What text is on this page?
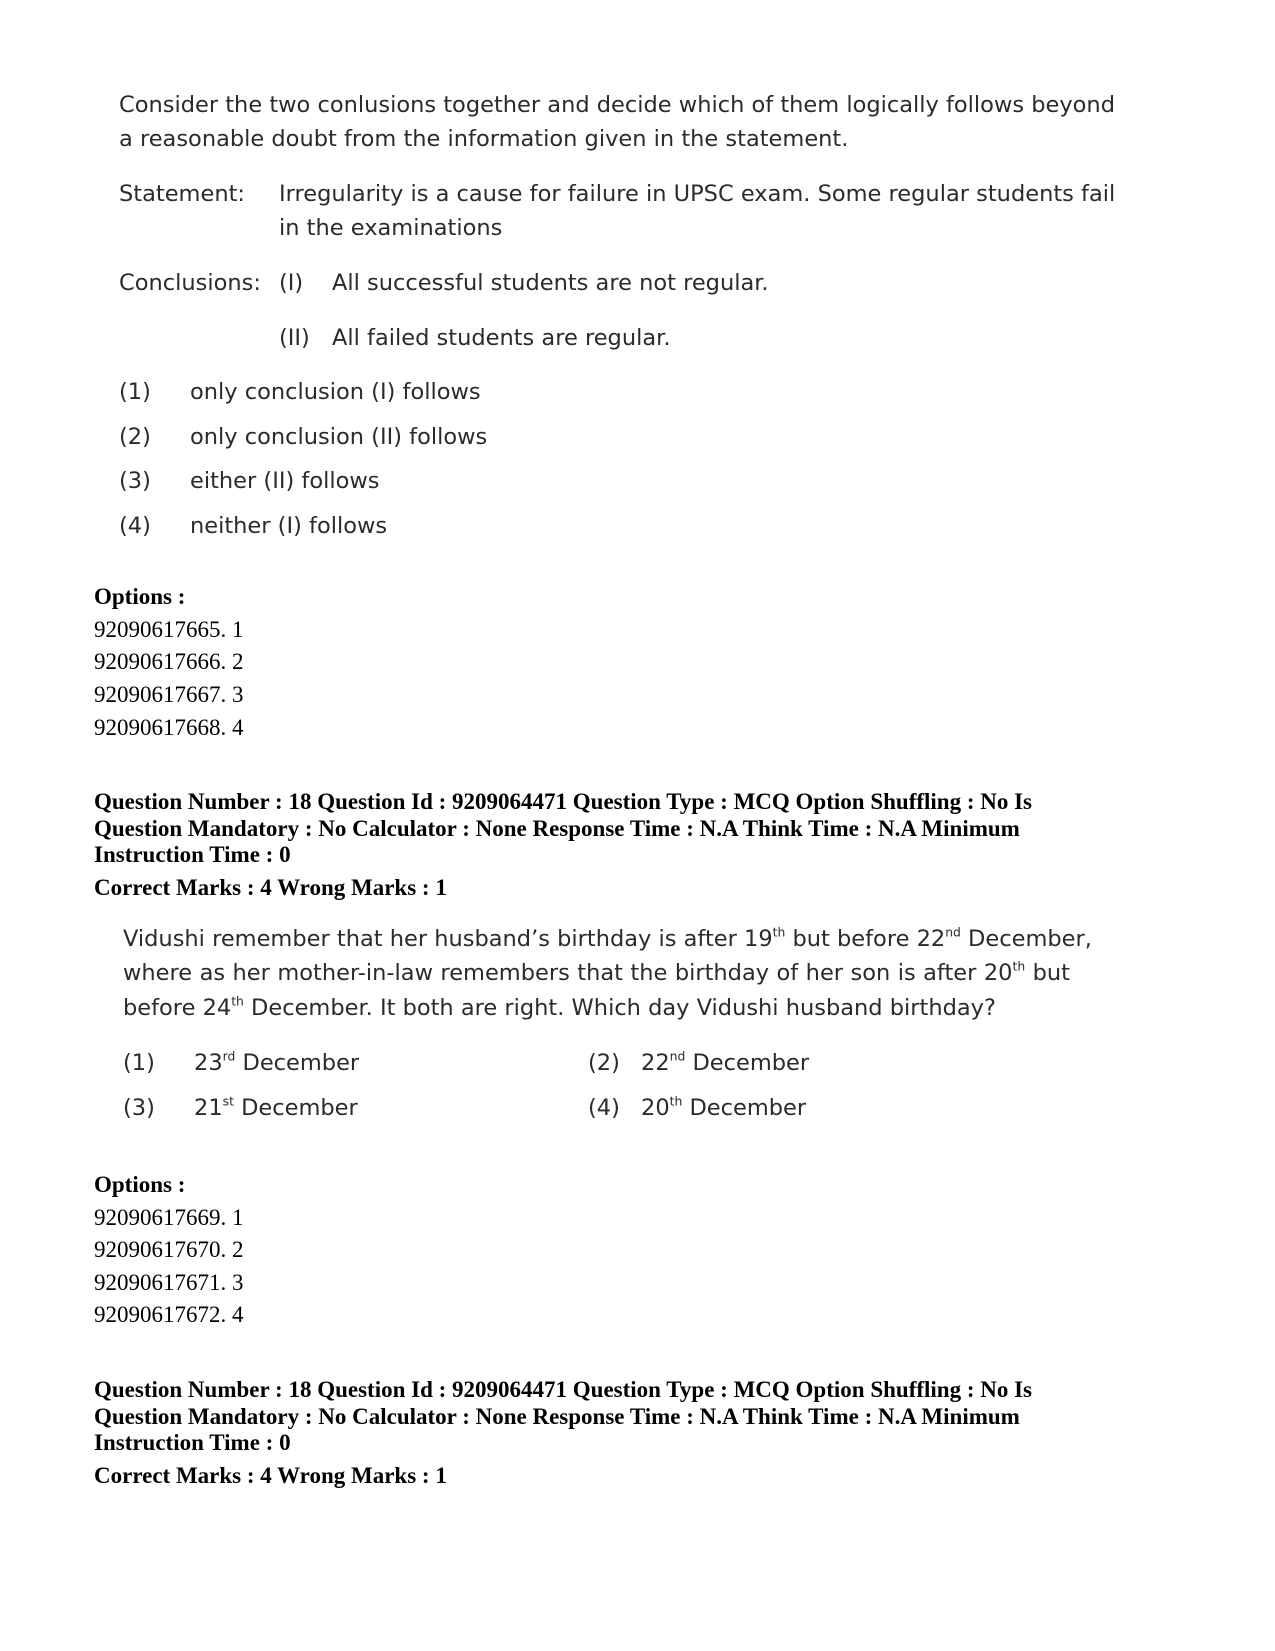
Consider the two conlusions together and decide which of them logically follows beyond
a reasonable doubt from the information given in the statement.
Statement: Irregularity is a cause for failure in UPSC exam. Some regular students fail
in the examinations
Conclusions: (I) All successful students are not regular.
(II) All failed students are regular.
(1) only conclusion (I) follows
(2) only conclusion (II) follows
(3) either (II) follows
(4) neither (I) follows
Options :
92090617665. 1
92090617666. 2
92090617667. 3
92090617668. 4
Question Number : 18 Question Id : 9209064471 Question Type : MCQ Option Shuffling : No Is
Question Mandatory : No Calculator : None Response Time : N.A Think Time : N.A Minimum
Instruction Time : 0
Correct Marks : 4 Wrong Marks : 1
Vidushi remember that her husband’s birthday is after 19th but before 22nd December,
where as her mother-in-law remembers that the birthday of her son is after 20th but
before 24th December. It both are right. Which day Vidushi husband birthday?
(1) 23rd December	(2) 22nd December
(3) 21st December	(4) 20th December
Options :
92090617669. 1
92090617670. 2
92090617671. 3
92090617672. 4
Question Number : 18 Question Id : 9209064471 Question Type : MCQ Option Shuffling : No Is
Question Mandatory : No Calculator : None Response Time : N.A Think Time : N.A Minimum
Instruction Time : 0
Correct Marks : 4 Wrong Marks : 1
